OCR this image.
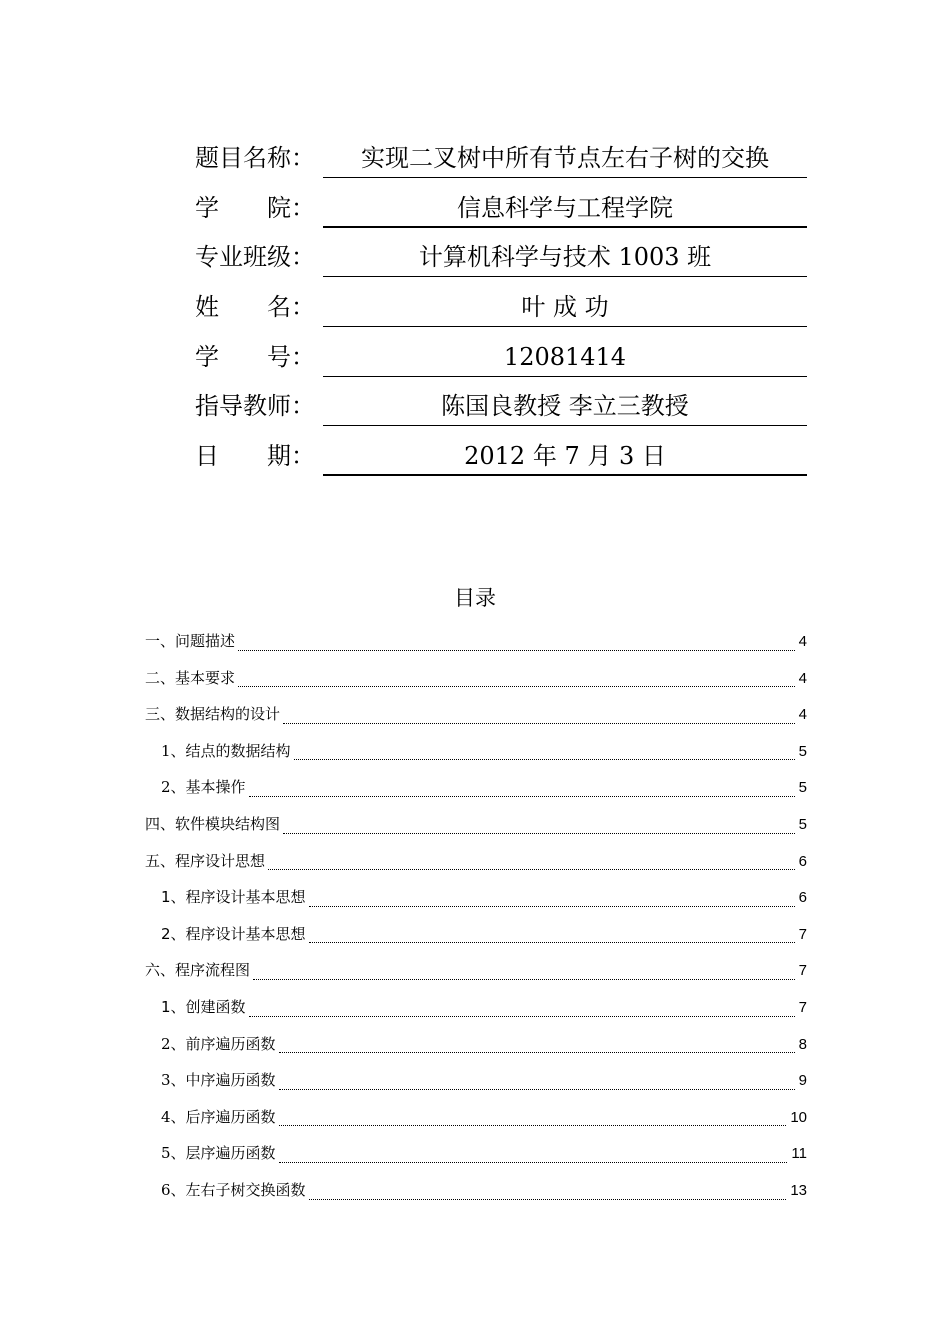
题目名称：	实现二叉树中所有节点左右子树的交换
学　　院：	信息科学与工程学院
专业班级：	计算机科学与技术 1003 班
姓　　名：	叶 成 功
学　　号：	12081414
指导教师：	陈国良教授 李立三教授
日　　期：	2012 年 7 月 3 日
目录
一、问题描述	4
二、基本要求	4
三、数据结构的设计	4
1、结点的数据结构	5
2、基本操作	5
四、软件模块结构图	5
五、程序设计思想	6
1、程序设计基本思想	6
2、程序设计基本思想	7
六、程序流程图	7
1、创建函数	7
2、前序遍历函数	8
3、中序遍历函数	9
4、后序遍历函数	10
5、层序遍历函数	11
6、左右子树交换函数	13
